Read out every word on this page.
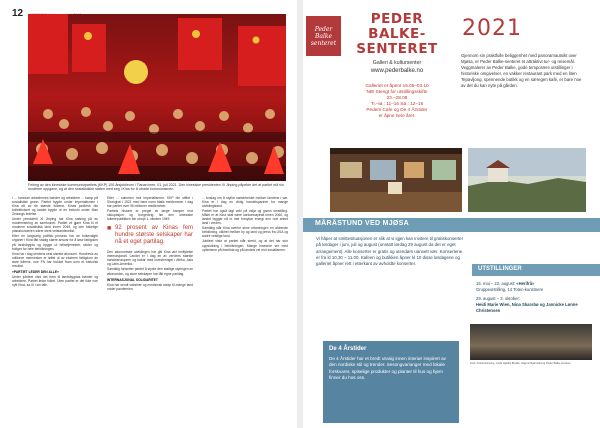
12
Feiring av den kinesiske kommunistpartiets (KKP) 100-årsjubileum i Tianan’men, 01. juli 2021. Den kinesiske presidenten Xi Jinping påpekte det at partiet må sin moderne oppgave, og at den sosialistiske staten med seg i Kina for å utrade kommunismen.

I ... hvordan arbeidernes bønder og arbeidere ... kamp på sosialistisk grunn. Partiet bygde under imperialismen i Kina ett av de største folkene. Kinas jordbruk ble kollektivisert og landet bygde ut en industri under Mao Zedongs ledelse.

Under presidenti Xi Jinping har Kina satsing på en modernisering av samfunnet. Partiet vil gjøre Kina til et moderne sosialistisk land innen 2049, og den folkelige planøkonomien sikrer sterk velstandsvekst.

Etter en langvarig politisk prosess har de folkevalgte organer i Kina fått stadig større ansvar for å løse fattigdom på landsbygda og bygge ut helsetjenester, skoler og boliger for hele befolkningen.

Kina har i dag verdens nest største økonomi. Hundrevis av millioner mennesker er løftet ut av ekstrem fattigdom de siste tiårene, noe FN har trukket fram som et historisk resultat.

«PARTIET LEDER DEN ALLE»

Under jubileet vant det frem til landsbygdas bønder og arbeidere. Partiet leder folket. Uten partiet er det ikke noe nytt Kina, sa Xi i sin tale.

Etter ... sammen mot imperialismen. KKP ble stiftet i Shanghai i 1921 med bare noen titalls medlemmer. I dag har partiet over 95 millioner medlemmer.

Partiets historie er preget av lange kamper mot okkupasjon og borgerkrig før den kinesiske folkerepublikken ble utropt 1. oktober 1949.

■ 92 prosent av Kinas fem hundre største selskaper har nå et eget partilag.

Den økonomiske utviklingen har gitt Kina økt innflytelse internasjonalt. Landet er i dag en av verdens største handelsnasjoner og bidrar med investeringer i Afrika, Asia og Latin-Amerika.

Samtidig fortsetter partiet å styrke den statlige styringen av økonomien, og store selskaper har fått egne partilag.

INTERNASJONAL SOLIDARITET

Kina har sendt vaksiner og medisinsk utstyr til mange land under pandemien.

... forslag om å styrke samarbeidet mellom landene i sør. Kina er i dag en viktig handelspartner for mange utviklingsland.

Partiet har også lagt vekt på miljø og grønn omstilling. Målet er at Kina skal være karbonnøytralt innen 2060, og landet bygger nå ut mer fornybar energi enn noe annet land i verden.

Samtidig står Kina overfor store utfordringer: en aldrende befolkning, ulikhet mellom by og land og press fra USA og andre vestlige land.

Jubileet viste at partiet står sterkt, og at det har stor oppslutning i befolkningen. Mange kinesere ser med optimisme på framtida og på landets vei mot sosialismen.

Peder Balke senteret
PEDER
BALKE-
SENTERET
Galleri & kultursenter
www.pederbalke.no
2021
Gjennom sin praktfulle beliggenhet med panoramautsikt over Mjøsa, er Peder Balke-senteret et attraktivt tur- og reisemål. Veggmalerer av Peder Balke, gode temporære utstillinger i historiske omgivelser, en vakker restaurant park med en liten Tepavljong, spennende butikk og en særegen kafé, er bare noe av det du kan nyte på gården.
Galleriet er åpent 15.05–03.10
NB! Stengt for utstillingsskifte
23.–28.08
Ti.–lø.: 11–16 Sø.: 12–16
Peders Cafe og De 4 Årstider
er åpne hele året.
MÅRÅSTUND VED MJØSA
Vi håper at smittesituasjonen er slik at vi igjen kan invitere til gratiskonserter på lørdager i juni, juli og august (unntatt lørdag 29 august da det er eget arrangement). Alle konserter er gratis og utendørs uansett vær. Konsertene er fra kl 10.30 – 11.00. Kafeen og butikken åpner kl 10 disse lørdagene og galleriet åpner rett i etterkant av avholdte konserter.
UTSTILLINGER

15. mai – 22. august: «Herifrå»
Gruppeutstilling, 14 Toten-kunstnere

29. august – 3. oktober:
Heidi Marie Wien, Nina Skarsbø og Jannicke Lønne Christensen

De 4 Årstider
De 4 Årstider har et bredt utvalg innen interiør inspirert av den nordiske stil og trender. Sesongvarianger med lokale forskvarer, spiselige produkter og planter til hus og hjem finner du hos oss.
Foto: Kristin Rønning, Linda Hjørdis Brekke, Dagrun Bjørnstad og Peder Balke-senteret.
